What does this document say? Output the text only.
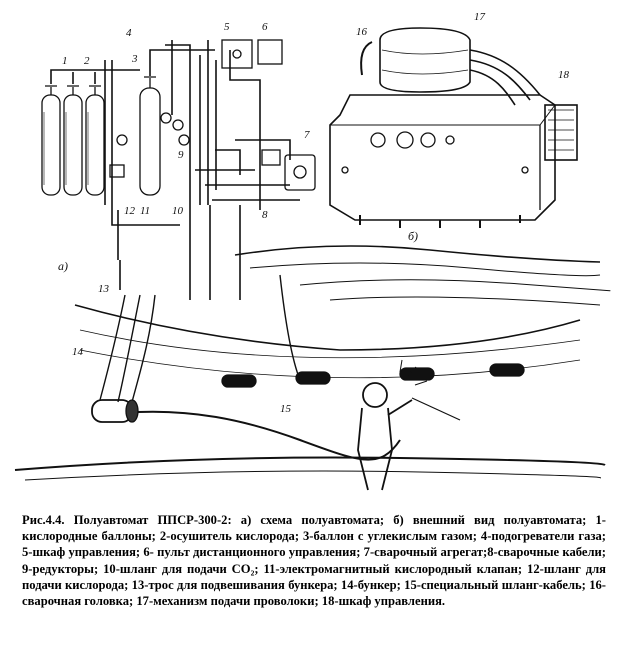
1 2	3
4	5	6
7
8
9
10
11
12
13
14
15
16
17
18
а)
б)
Рис.4.4. Полуавтомат ППСР-300-2: а) схема полуавтомата; б) внешний вид полуавтомата; 1-кислородные баллоны; 2-осушитель кислорода; 3-баллон с углекислым газом; 4-подогреватели газа; 5-шкаф управления; 6- пульт дистанционного управления; 7-сварочный агрегат;8-сварочные кабели; 9-редукторы; 10-шланг для подачи CO₂; 11-электромагнитный кислородный клапан; 12-шланг для подачи кислорода; 13-трос для подвешивания бункера; 14-бункер; 15-специальный шланг-кабель; 16-сварочная головка; 17-механизм подачи проволоки; 18-шкаф управления.
